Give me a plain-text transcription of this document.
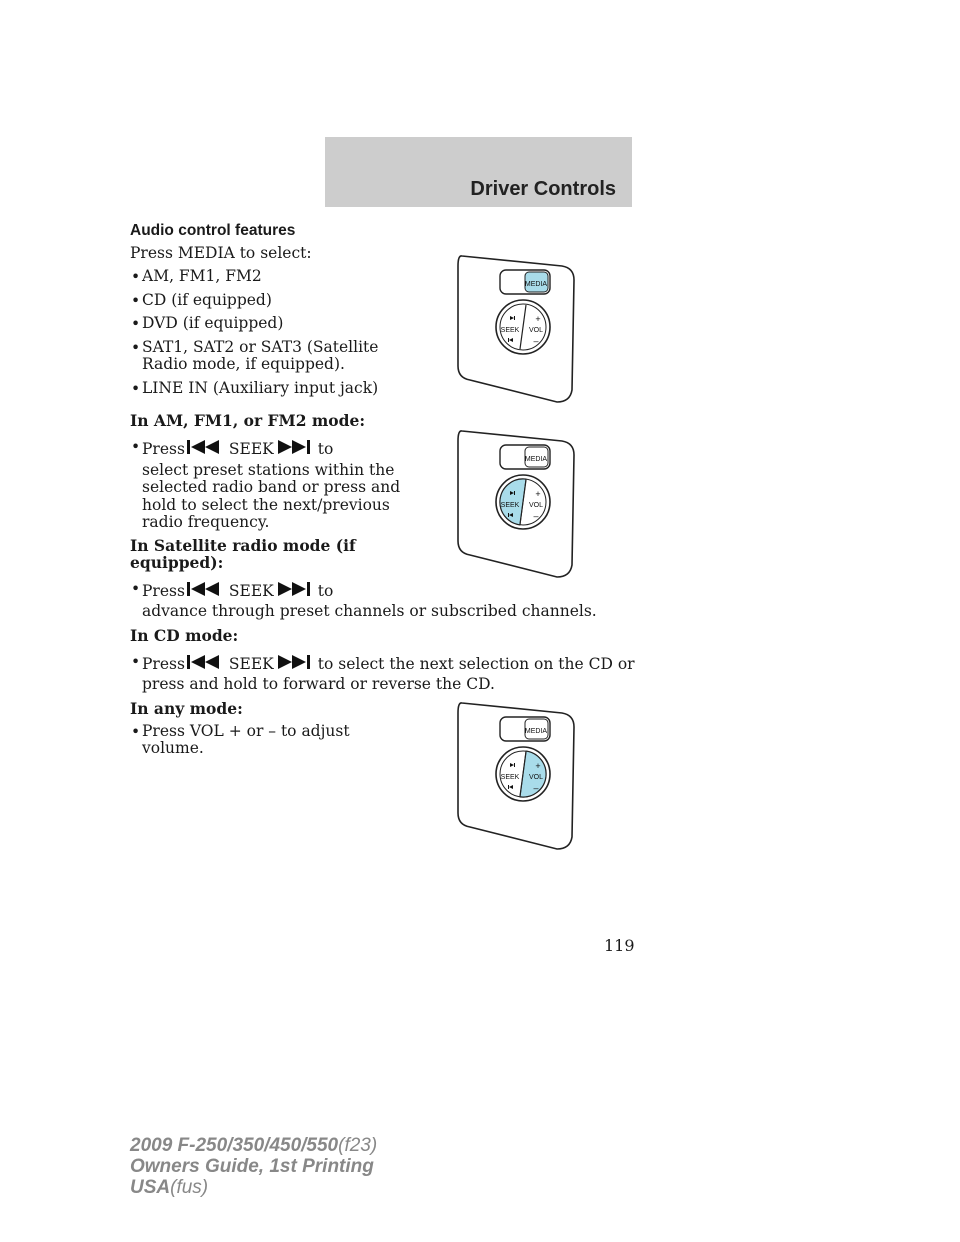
Driver Controls
Audio control features
Press MEDIA to select:
• AM, FM1, FM2
• CD (if equipped)
• DVD (if equipped)
• SAT1, SAT2 or SAT3 (Satellite
Radio mode, if equipped).
• LINE IN (Auxiliary input jack)
In AM, FM1, or FM2 mode:
• Press	SEEK	to
select preset stations within the
selected radio band or press and
hold to select the next/previous
radio frequency.
In Satellite radio mode (if
equipped):
• Press	SEEK	to
advance through preset channels or subscribed channels.
In CD mode:
• Press	SEEK	to select the next selection on the CD or
press and hold to forward or reverse the CD.
In any mode:
• Press VOL + or – to adjust
volume.
MEDIA
SEEK VOL
+
–
MEDIA
SEEK VOL
+
–
MEDIA
SEEK VOL
+
–
119
2009 F-250/350/450/550(f23)
Owners Guide, 1st Printing
USA(fus)
